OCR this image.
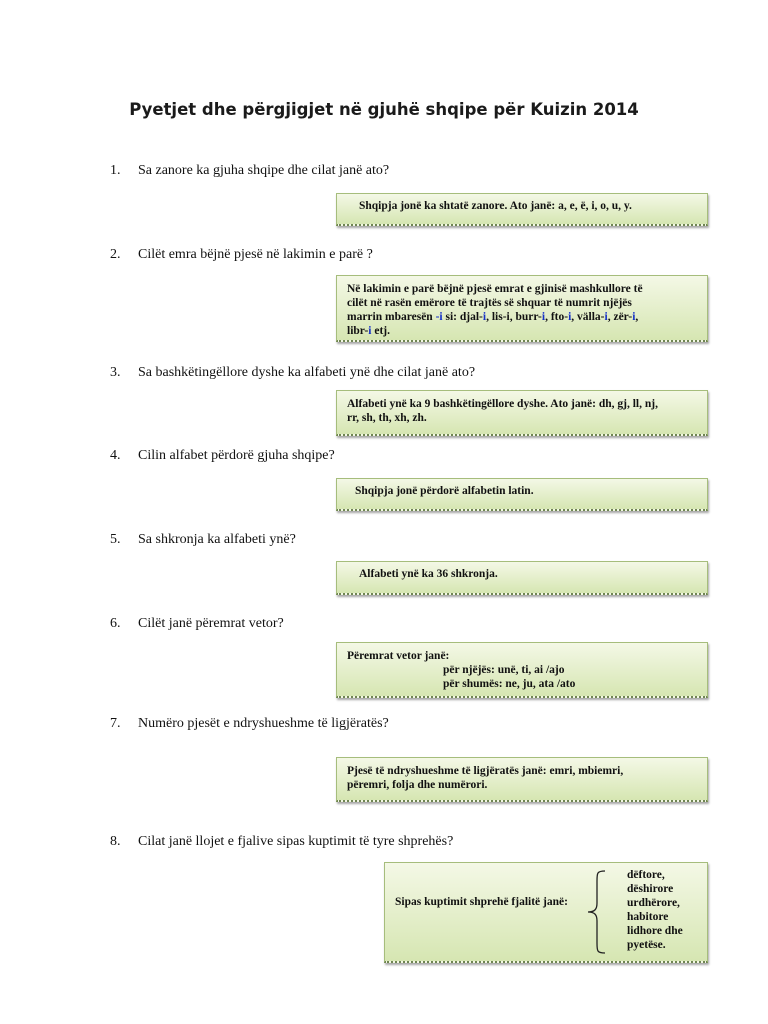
Pyetjet dhe përgjigjet në gjuhë shqipe për Kuizin 2014
1. Sa zanore ka gjuha shqipe dhe cilat janë ato?
Shqipja jonë ka shtatë zanore. Ato janë: a, e, ë, i, o, u, y.
2. Cilët emra bëjnë pjesë në lakimin e parë ?
Në lakimin e parë bëjnë pjesë emrat e gjinisë mashkullore të
cilët në rasën emërore të trajtës së shquar të numrit njëjës
marrin mbaresën -i si: djal-i, lis-i, burr-i, fto-i, välla-i, zër-i,
libr-i etj.
3. Sa bashkëtingëllore dyshe ka alfabeti ynë dhe cilat janë ato?
Alfabeti ynë ka 9 bashkëtingëllore dyshe. Ato janë: dh, gj, ll, nj,
rr, sh, th, xh, zh.
4. Cilin alfabet përdorë gjuha shqipe?
Shqipja jonë përdorë alfabetin latin.
5. Sa shkronja ka alfabeti ynë?
Alfabeti ynë ka 36 shkronja.
6. Cilët janë përemrat vetor?
Përemrat vetor janë:
për njëjës: unë, ti, ai /ajo
për shumës: ne, ju, ata /ato
7. Numëro pjesët e ndryshueshme të ligjëratës?
Pjesë të ndryshueshme të ligjëratës janë: emri, mbiemri,
përemri, folja dhe numërori.
8. Cilat janë llojet e fjalive sipas kuptimit të tyre shprehës?
Sipas kuptimit shprehë fjalitë janë:
dëftore,
dëshirore
urdhërore,
habitore
lidhore dhe
pyetëse.
